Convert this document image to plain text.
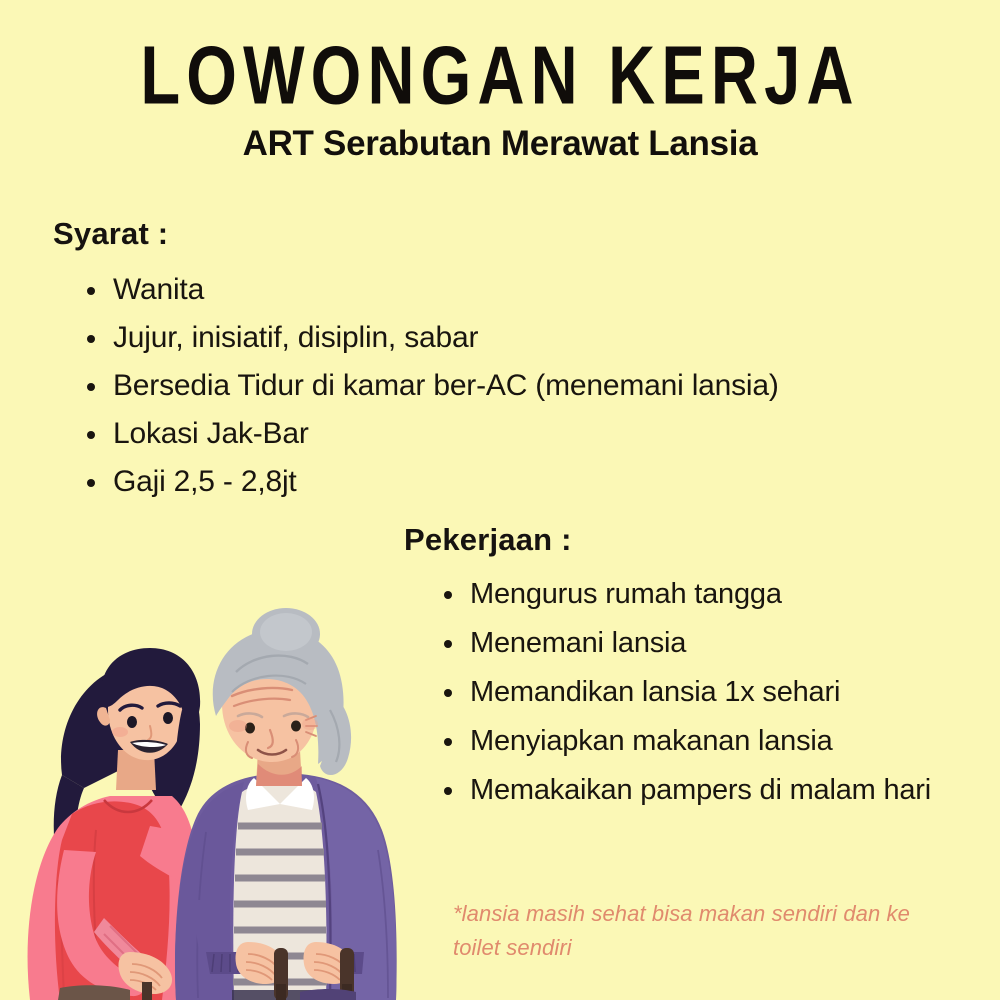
LOWONGAN KERJA
ART Serabutan Merawat Lansia
Syarat :
Wanita
Jujur, inisiatif, disiplin, sabar
Bersedia Tidur di kamar ber-AC (menemani lansia)
Lokasi Jak-Bar
Gaji 2,5 - 2,8jt
Pekerjaan :
Mengurus rumah tangga
Menemani lansia
Memandikan lansia 1x sehari
Menyiapkan makanan lansia
Memakaikan pampers di malam hari
*lansia masih sehat bisa makan sendiri dan ke toilet sendiri
